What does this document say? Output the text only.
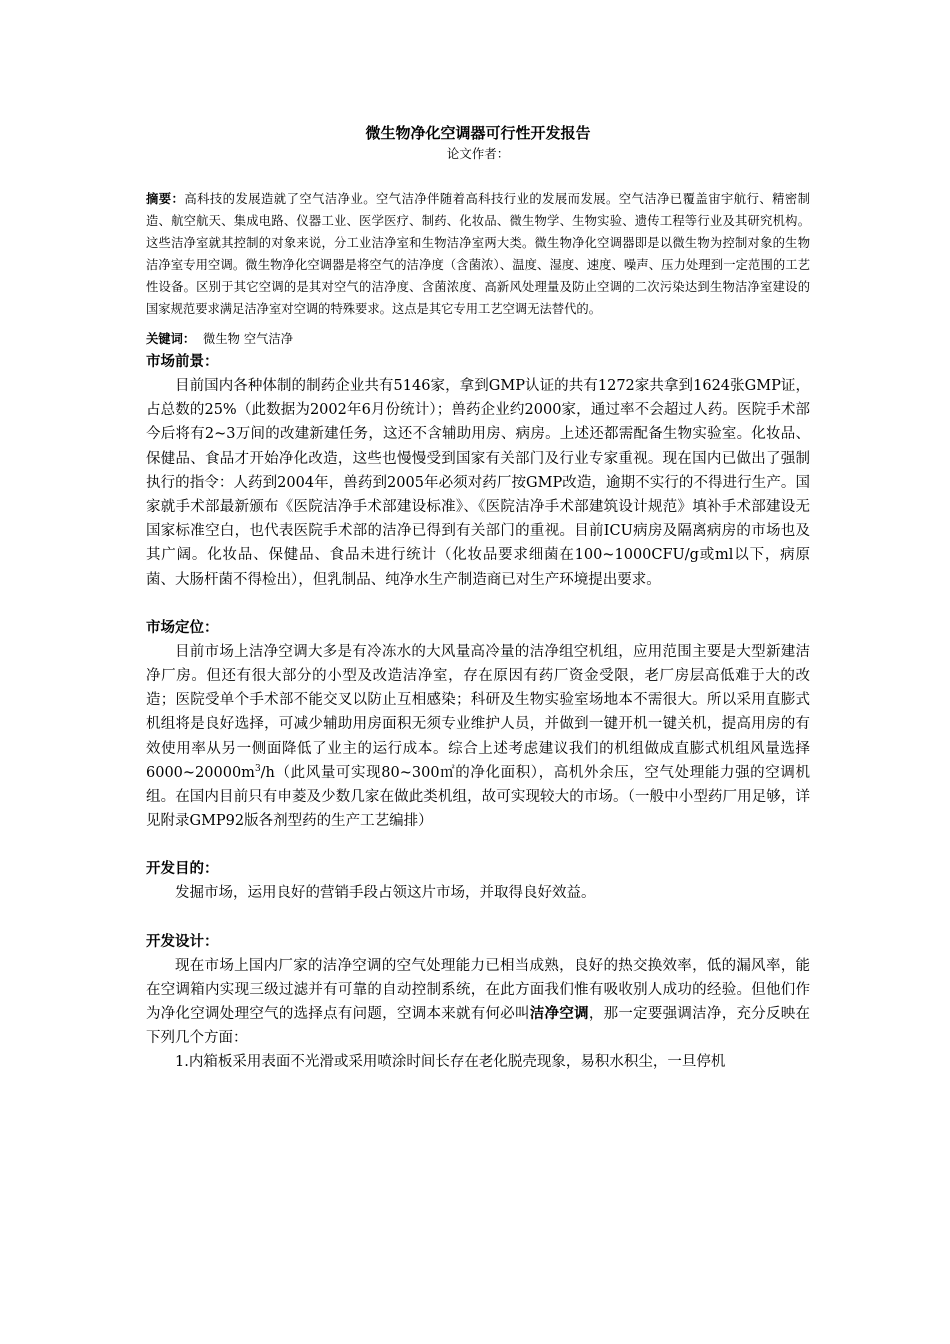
微生物净化空调器可行性开发报告

论文作者：

摘要：高科技的发展造就了空气洁净业。空气洁净伴随着高科技行业的发展而发展。空气洁净已覆盖宙宇航行、精密制造、航空航天、集成电路、仪器工业、医学医疗、制药、化妆品、微生物学、生物实验、遗传工程等行业及其研究机构。这些洁净室就其控制的对象来说，分工业洁净室和生物洁净室两大类。微生物净化空调器即是以微生物为控制对象的生物洁净室专用空调。微生物净化空调器是将空气的洁净度（含菌浓）、温度、湿度、速度、噪声、压力处理到一定范围的工艺性设备。区别于其它空调的是其对空气的洁净度、含菌浓度、高新风处理量及防止空调的二次污染达到生物洁净室建设的国家规范要求满足洁净室对空调的特殊要求。这点是其它专用工艺空调无法替代的。

关键词：  微生物 空气洁净

市场前景：

目前国内各种体制的制药企业共有5146家，拿到GMP认证的共有1272家共拿到1624张GMP证，占总数的25%（此数据为2002年6月份统计）；兽药企业约2000家，通过率不会超过人药。医院手术部今后将有2~3万间的改建新建任务，这还不含辅助用房、病房。上述还都需配备生物实验室。化妆品、保健品、食品才开始净化改造，这些也慢慢受到国家有关部门及行业专家重视。现在国内已做出了强制执行的指令：人药到2004年，兽药到2005年必须对药厂按GMP改造，逾期不实行的不得进行生产。国家就手术部最新颁布《医院洁净手术部建设标准》、《医院洁净手术部建筑设计规范》填补手术部建设无国家标准空白，也代表医院手术部的洁净已得到有关部门的重视。目前ICU病房及隔离病房的市场也及其广阔。化妆品、保健品、食品未进行统计（化妆品要求细菌在100~1000CFU/g或ml以下，病原菌、大肠杆菌不得检出），但乳制品、纯净水生产制造商已对生产环境提出要求。

市场定位：

目前市场上洁净空调大多是有冷冻水的大风量高冷量的洁净组空机组，应用范围主要是大型新建洁净厂房。但还有很大部分的小型及改造洁净室，存在原因有药厂资金受限，老厂房层高低难于大的改造；医院受单个手术部不能交叉以防止互相感染；科研及生物实验室场地本不需很大。所以采用直膨式机组将是良好选择，可减少辅助用房面积无须专业维护人员，并做到一键开机一键关机，提高用房的有效使用率从另一侧面降低了业主的运行成本。综合上述考虑建议我们的机组做成直膨式机组风量选择 $6000\sim 20000m^3/h$（此风量可实现80~300㎡的净化面积），高机外余压，空气处理能力强的空调机组。在国内目前只有申菱及少数几家在做此类机组，故可实现较大的市场。（一般中小型药厂用足够，详见附录GMP92版各剂型药的生产工艺编排）

开发目的：

发掘市场，运用良好的营销手段占领这片市场，并取得良好效益。

开发设计：

现在市场上国内厂家的洁净空调的空气处理能力已相当成熟，良好的热交换效率，低的漏风率，能在空调箱内实现三级过滤并有可靠的自动控制系统，在此方面我们惟有吸收别人成功的经验。但他们作为净化空调处理空气的选择点有问题，空调本来就有何必叫洁净空调，那一定要强调洁净，充分反映在下列几个方面：

1.内箱板采用表面不光滑或采用喷涂时间长存在老化脱壳现象，易积水积尘，一旦停机
